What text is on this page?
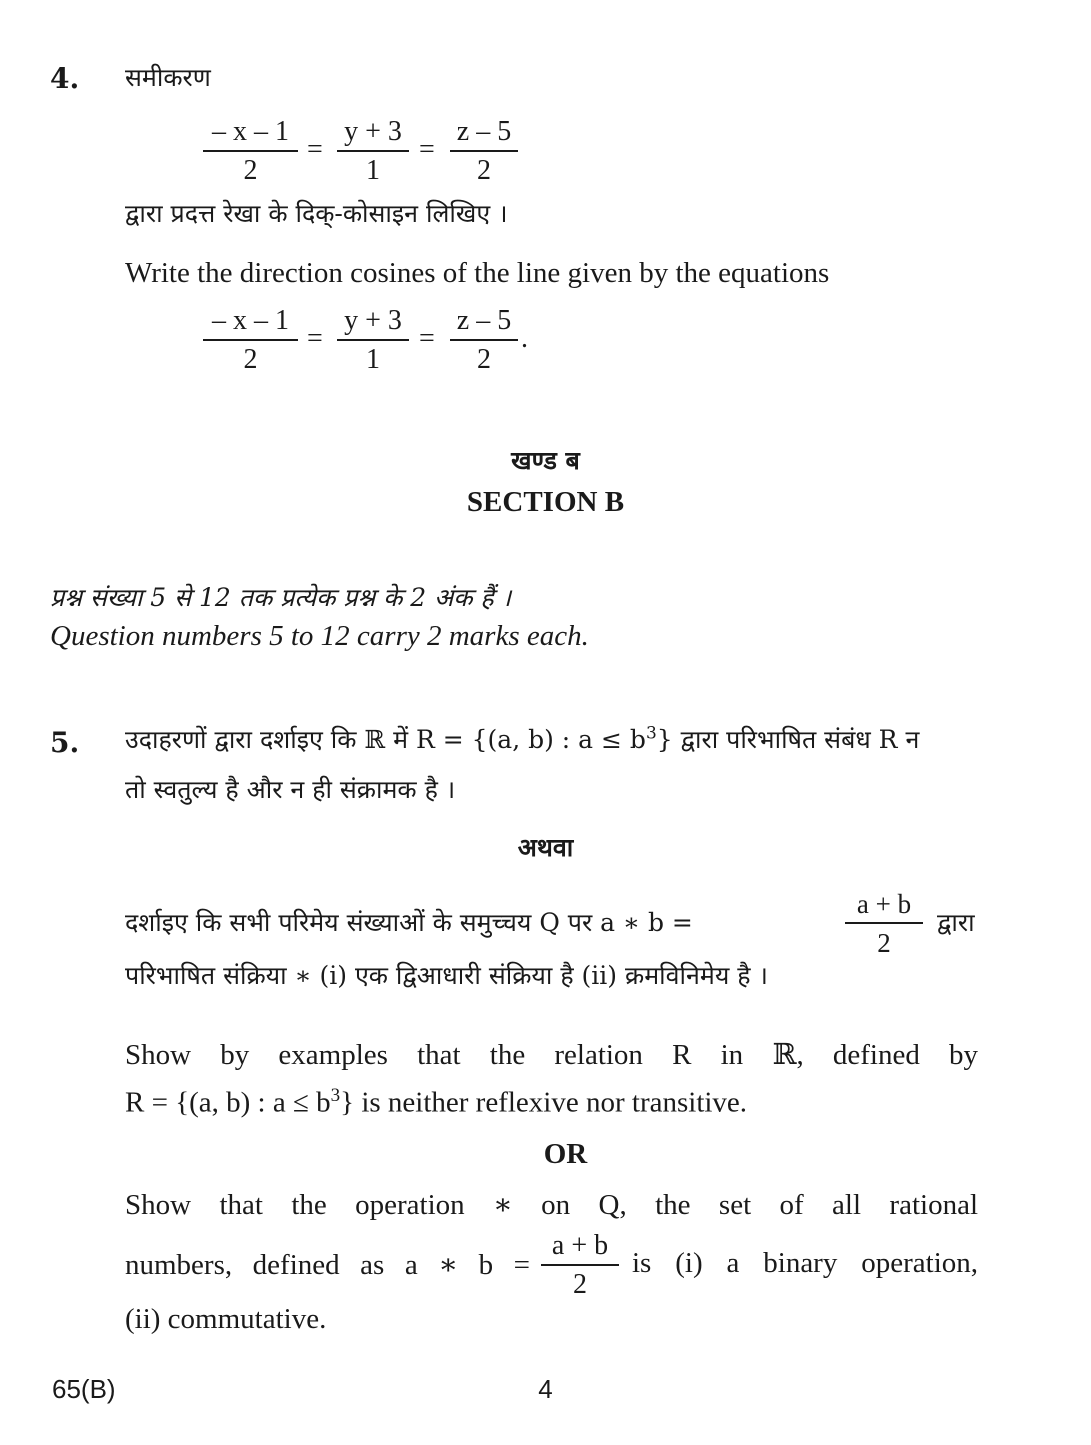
4. समीकरण
– x – 1
2
=
y + 3
1
=
z – 5
2
द्वारा प्रदत्त रेखा के दिक्-कोसाइन लिखिए ।
Write the direction cosines of the line given by the equations
– x – 1
2
=
y + 3
1
=
z – 5
2
.
खण्ड ब
SECTION B
प्रश्न संख्या 5 से 12 तक प्रत्येक प्रश्न के 2 अंक हैं ।
Question numbers 5 to 12 carry 2 marks each.
5. उदाहरणों द्वारा दर्शाइए कि ℝ में R = {(a, b) : $a \le b^3$} द्वारा परिभाषित संबंध R न
तो स्वतुल्य है और न ही संक्रामक है ।
अथवा
दर्शाइए कि सभी परिमेय संख्याओं के समुच्चय Q पर a ∗ b =
a + b
2
द्वारा
परिभाषित संक्रिया ∗ (i) एक द्विआधारी संक्रिया है (ii) क्रमविनिमेय है ।
Show by examples that the relation R in ℝ, defined by
R = {(a, b) : $a \le b^3$} is neither reflexive nor transitive.
OR
Show that the operation ∗ on Q, the set of all rational
numbers, defined as a ∗ b =
a + b
2
is (i) a binary operation,
(ii) commutative.
65(B)	4
